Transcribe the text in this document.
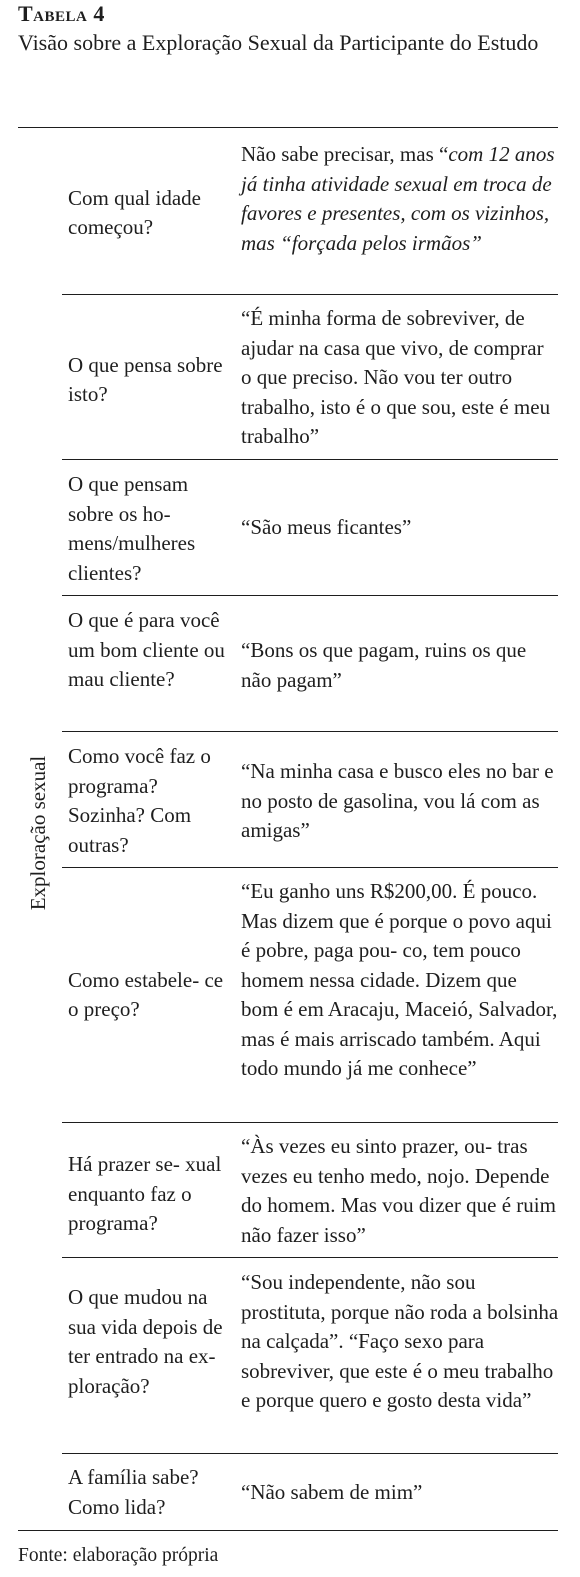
Tabela 4
Visão sobre a Exploração Sexual da Participante do Estudo
Exploração sexual
Com qual idade começou?
Não sabe precisar, mas “com 12 anos já tinha atividade sexual em troca de favores e presentes, com os vizinhos, mas “forçada pelos irmãos”
O que pensa sobre isto?
“É minha forma de sobreviver, de ajudar na casa que vivo, de comprar o que preciso. Não vou ter outro trabalho, isto é o que sou, este é meu trabalho”
O que pensam sobre os ho- mens/mulheres clientes?
“São meus ficantes”
O que é para você um bom cliente ou mau cliente?
“Bons os que pagam, ruins os que não pagam”
Como você faz o programa? Sozinha? Com outras?
“Na minha casa e busco eles no bar e no posto de gasolina, vou lá com as amigas”
Como estabele- ce o preço?
“Eu ganho uns R$200,00. É pouco. Mas dizem que é porque o povo aqui é pobre, paga pou- co, tem pouco homem nessa cidade. Dizem que bom é em Aracaju, Maceió, Salvador, mas é mais arriscado também. Aqui todo mundo já me conhece”
Há prazer se- xual enquanto faz o programa?
“Às vezes eu sinto prazer, ou- tras vezes eu tenho medo, nojo. Depende do homem. Mas vou dizer que é ruim não fazer isso”
O que mudou na sua vida depois de ter entrado na ex- ploração?
“Sou independente, não sou prostituta, porque não roda a bolsinha na calçada”. “Faço sexo para sobreviver, que este é o meu trabalho e porque quero e gosto desta vida”
A família sabe? Como lida?
“Não sabem de mim”
Fonte: elaboração própria
